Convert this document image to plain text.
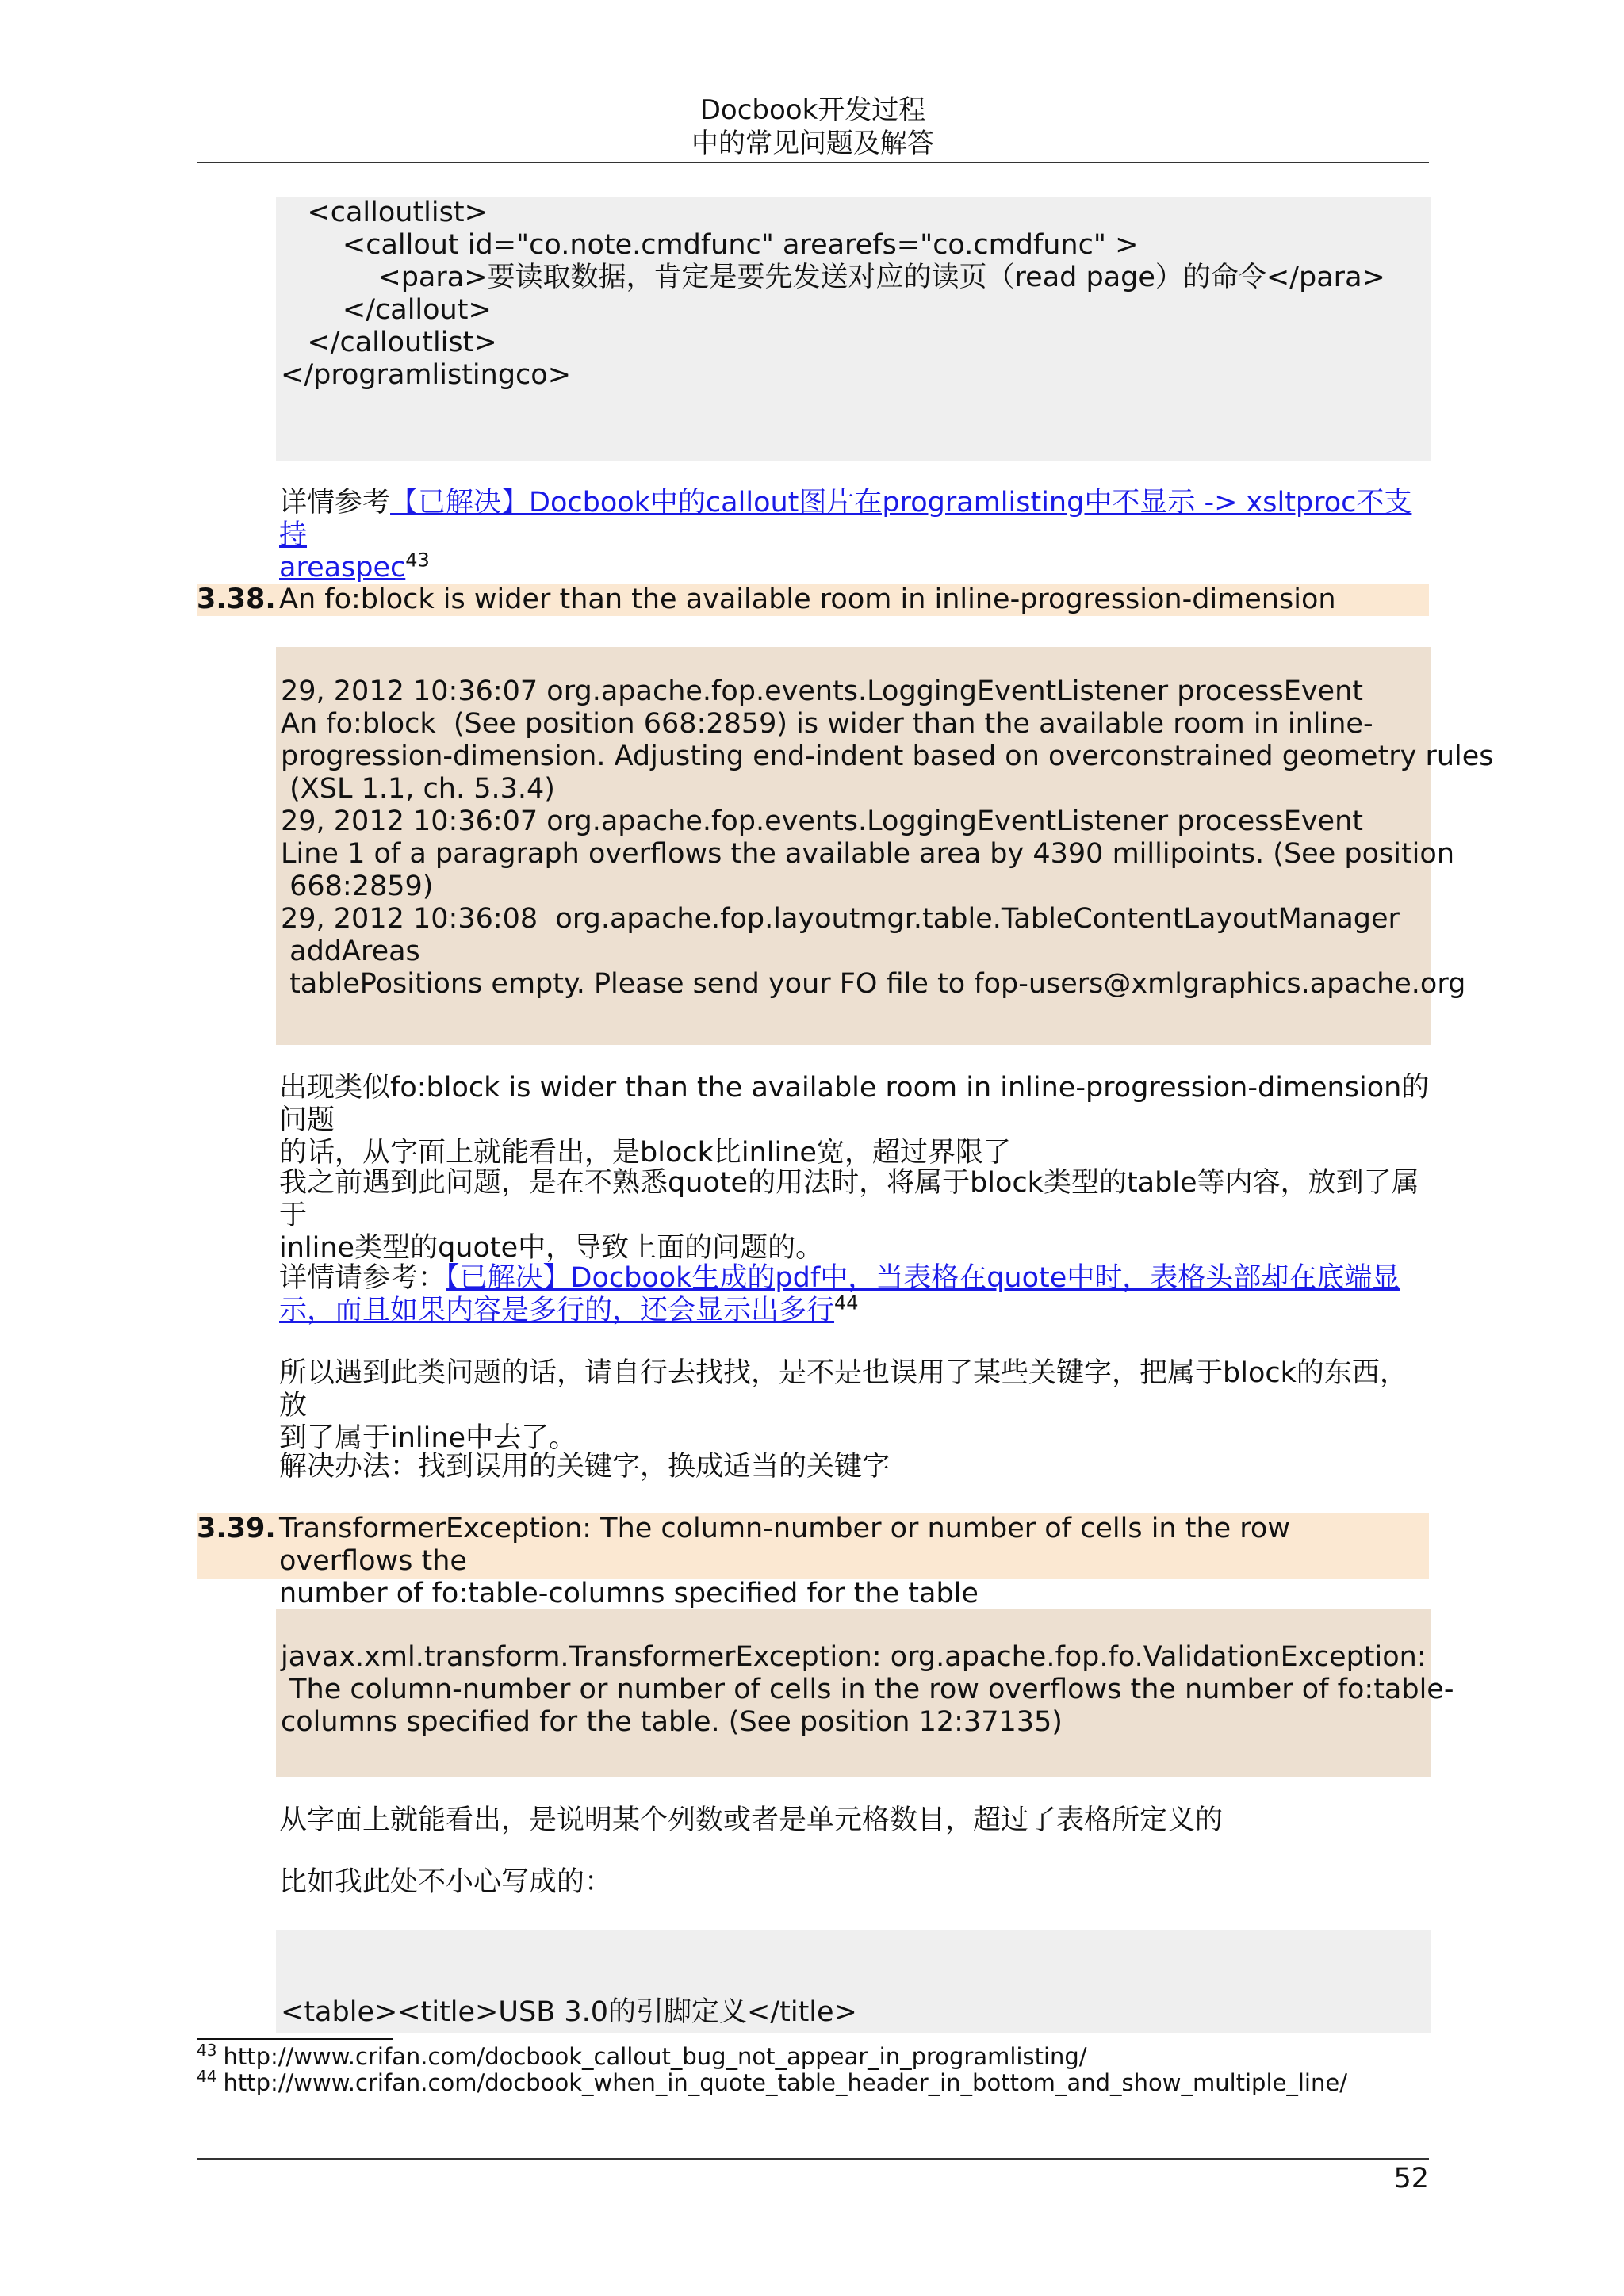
Docbook开发过程
中的常见问题及解答
<calloutlist>
<callout id="co.note.cmdfunc" arearefs="co.cmdfunc" >
<para>要读取数据，肯定是要先发送对应的读页（read page）的命令</para>
</callout>
</calloutlist>
</programlistingco>
详情参考【已解决】Docbook中的callout图片在programlisting中不显示 -> xsltproc不支持
areaspec$^{43}$
3.38. An fo:block is wider than the available room in inline-progression-dimension
29, 2012 10:36:07 org.apache.fop.events.LoggingEventListener processEvent
An fo:block  (See position 668:2859) is wider than the available room in inline-
progression-dimension. Adjusting end-indent based on overconstrained geometry rules
(XSL 1.1, ch. 5.3.4)
29, 2012 10:36:07 org.apache.fop.events.LoggingEventListener processEvent
Line 1 of a paragraph overflows the available area by 4390 millipoints. (See position
668:2859)
29, 2012 10:36:08  org.apache.fop.layoutmgr.table.TableContentLayoutManager
addAreas
tablePositions empty. Please send your FO file to fop-users@xmlgraphics.apache.org
出现类似fo:block is wider than the available room in inline-progression-dimension的问题
的话，从字面上就能看出，是block比inline宽，超过界限了
我之前遇到此问题，是在不熟悉quote的用法时，将属于block类型的table等内容，放到了属于
inline类型的quote中，导致上面的问题的。
详情请参考：【已解决】Docbook生成的pdf中，当表格在quote中时，表格头部却在底端显
示，而且如果内容是多行的，还会显示出多行$^{44}$
所以遇到此类问题的话，请自行去找找，是不是也误用了某些关键字，把属于block的东西，放
到了属于inline中去了。
解决办法：找到误用的关键字，换成适当的关键字
3.39. TransformerException: The column-number or number of cells in the row overflows the
number of fo:table-columns specified for the table
javax.xml.transform.TransformerException: org.apache.fop.fo.ValidationException:
The column-number or number of cells in the row overflows the number of fo:table-
columns specified for the table. (See position 12:37135)
从字面上就能看出，是说明某个列数或者是单元格数目，超过了表格所定义的
比如我此处不小心写成的：
<table><title>USB 3.0的引脚定义</title>
$^{43}$ http://www.crifan.com/docbook_callout_bug_not_appear_in_programlisting/
$^{44}$ http://www.crifan.com/docbook_when_in_quote_table_header_in_bottom_and_show_multiple_line/
52
